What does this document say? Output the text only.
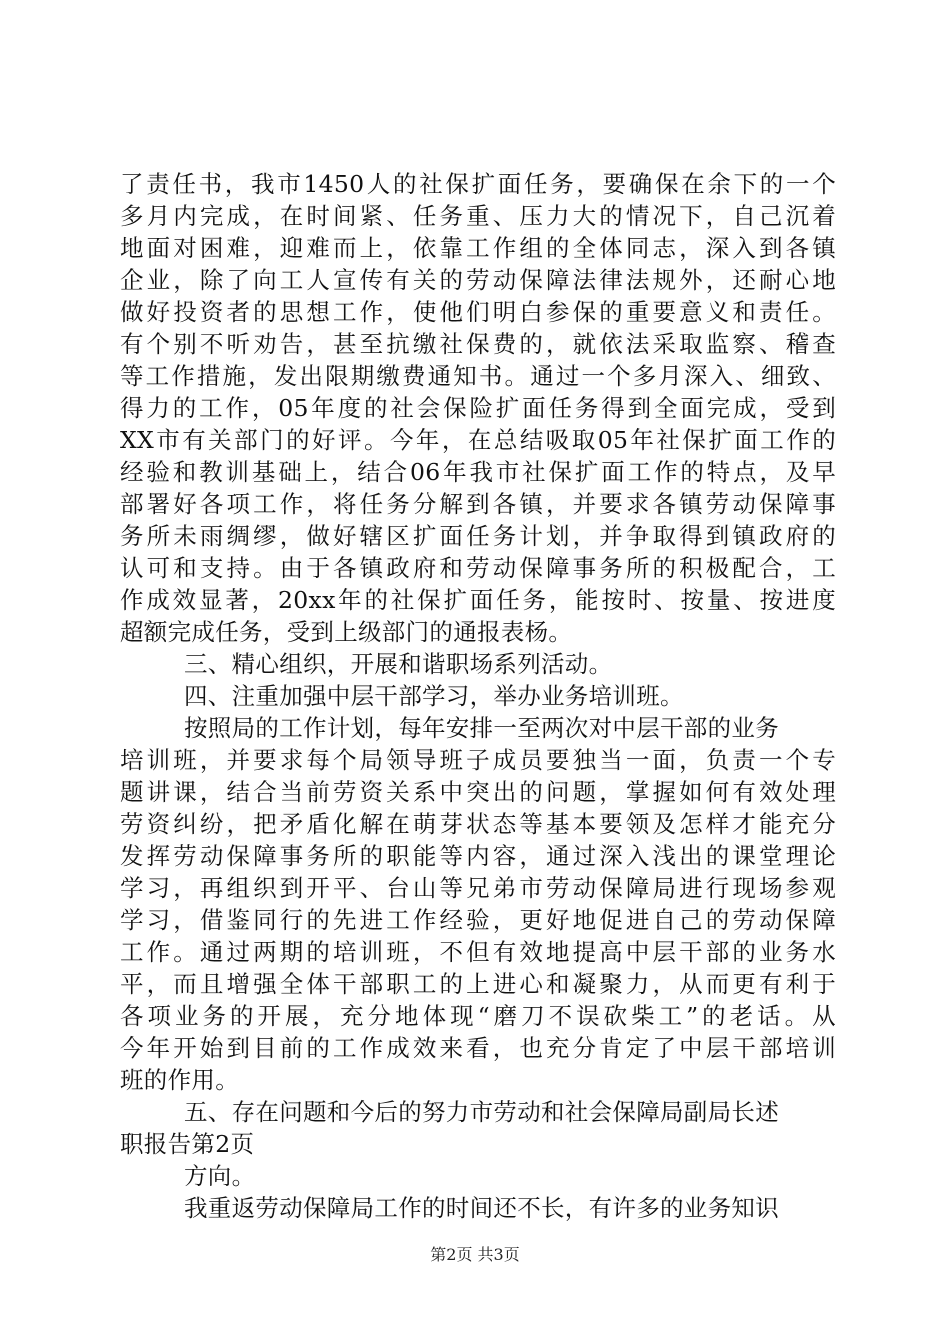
了责任书，我市1450人的社保扩面任务，要确保在余下的一个
多月内完成，在时间紧、任务重、压力大的情况下，自己沉着
地面对困难，迎难而上，依靠工作组的全体同志，深入到各镇
企业，除了向工人宣传有关的劳动保障法律法规外，还耐心地
做好投资者的思想工作，使他们明白参保的重要意义和责任。
有个别不听劝告，甚至抗缴社保费的，就依法采取监察、稽查
等工作措施，发出限期缴费通知书。通过一个多月深入、细致、
得力的工作，05年度的社会保险扩面任务得到全面完成，受到
XX市有关部门的好评。今年，在总结吸取05年社保扩面工作的
经验和教训基础上，结合06年我市社保扩面工作的特点，及早
部署好各项工作，将任务分解到各镇，并要求各镇劳动保障事
务所未雨绸缪，做好辖区扩面任务计划，并争取得到镇政府的
认可和支持。由于各镇政府和劳动保障事务所的积极配合，工
作成效显著，20xx年的社保扩面任务，能按时、按量、按进度
超额完成任务，受到上级部门的通报表杨。
三、精心组织，开展和谐职场系列活动。
四、注重加强中层干部学习，举办业务培训班。
按照局的工作计划，每年安排一至两次对中层干部的业务
培训班，并要求每个局领导班子成员要独当一面，负责一个专
题讲课，结合当前劳资关系中突出的问题，掌握如何有效处理
劳资纠纷，把矛盾化解在萌芽状态等基本要领及怎样才能充分
发挥劳动保障事务所的职能等内容，通过深入浅出的课堂理论
学习，再组织到开平、台山等兄弟市劳动保障局进行现场参观
学习，借鉴同行的先进工作经验，更好地促进自己的劳动保障
工作。通过两期的培训班，不但有效地提高中层干部的业务水
平，而且增强全体干部职工的上进心和凝聚力，从而更有利于
各项业务的开展，充分地体现“磨刀不误砍柴工”的老话。从
今年开始到目前的工作成效来看，也充分肯定了中层干部培训
班的作用。
五、存在问题和今后的努力市劳动和社会保障局副局长述
职报告第2页
方向。
我重返劳动保障局工作的时间还不长，有许多的业务知识
第2页 共3页
